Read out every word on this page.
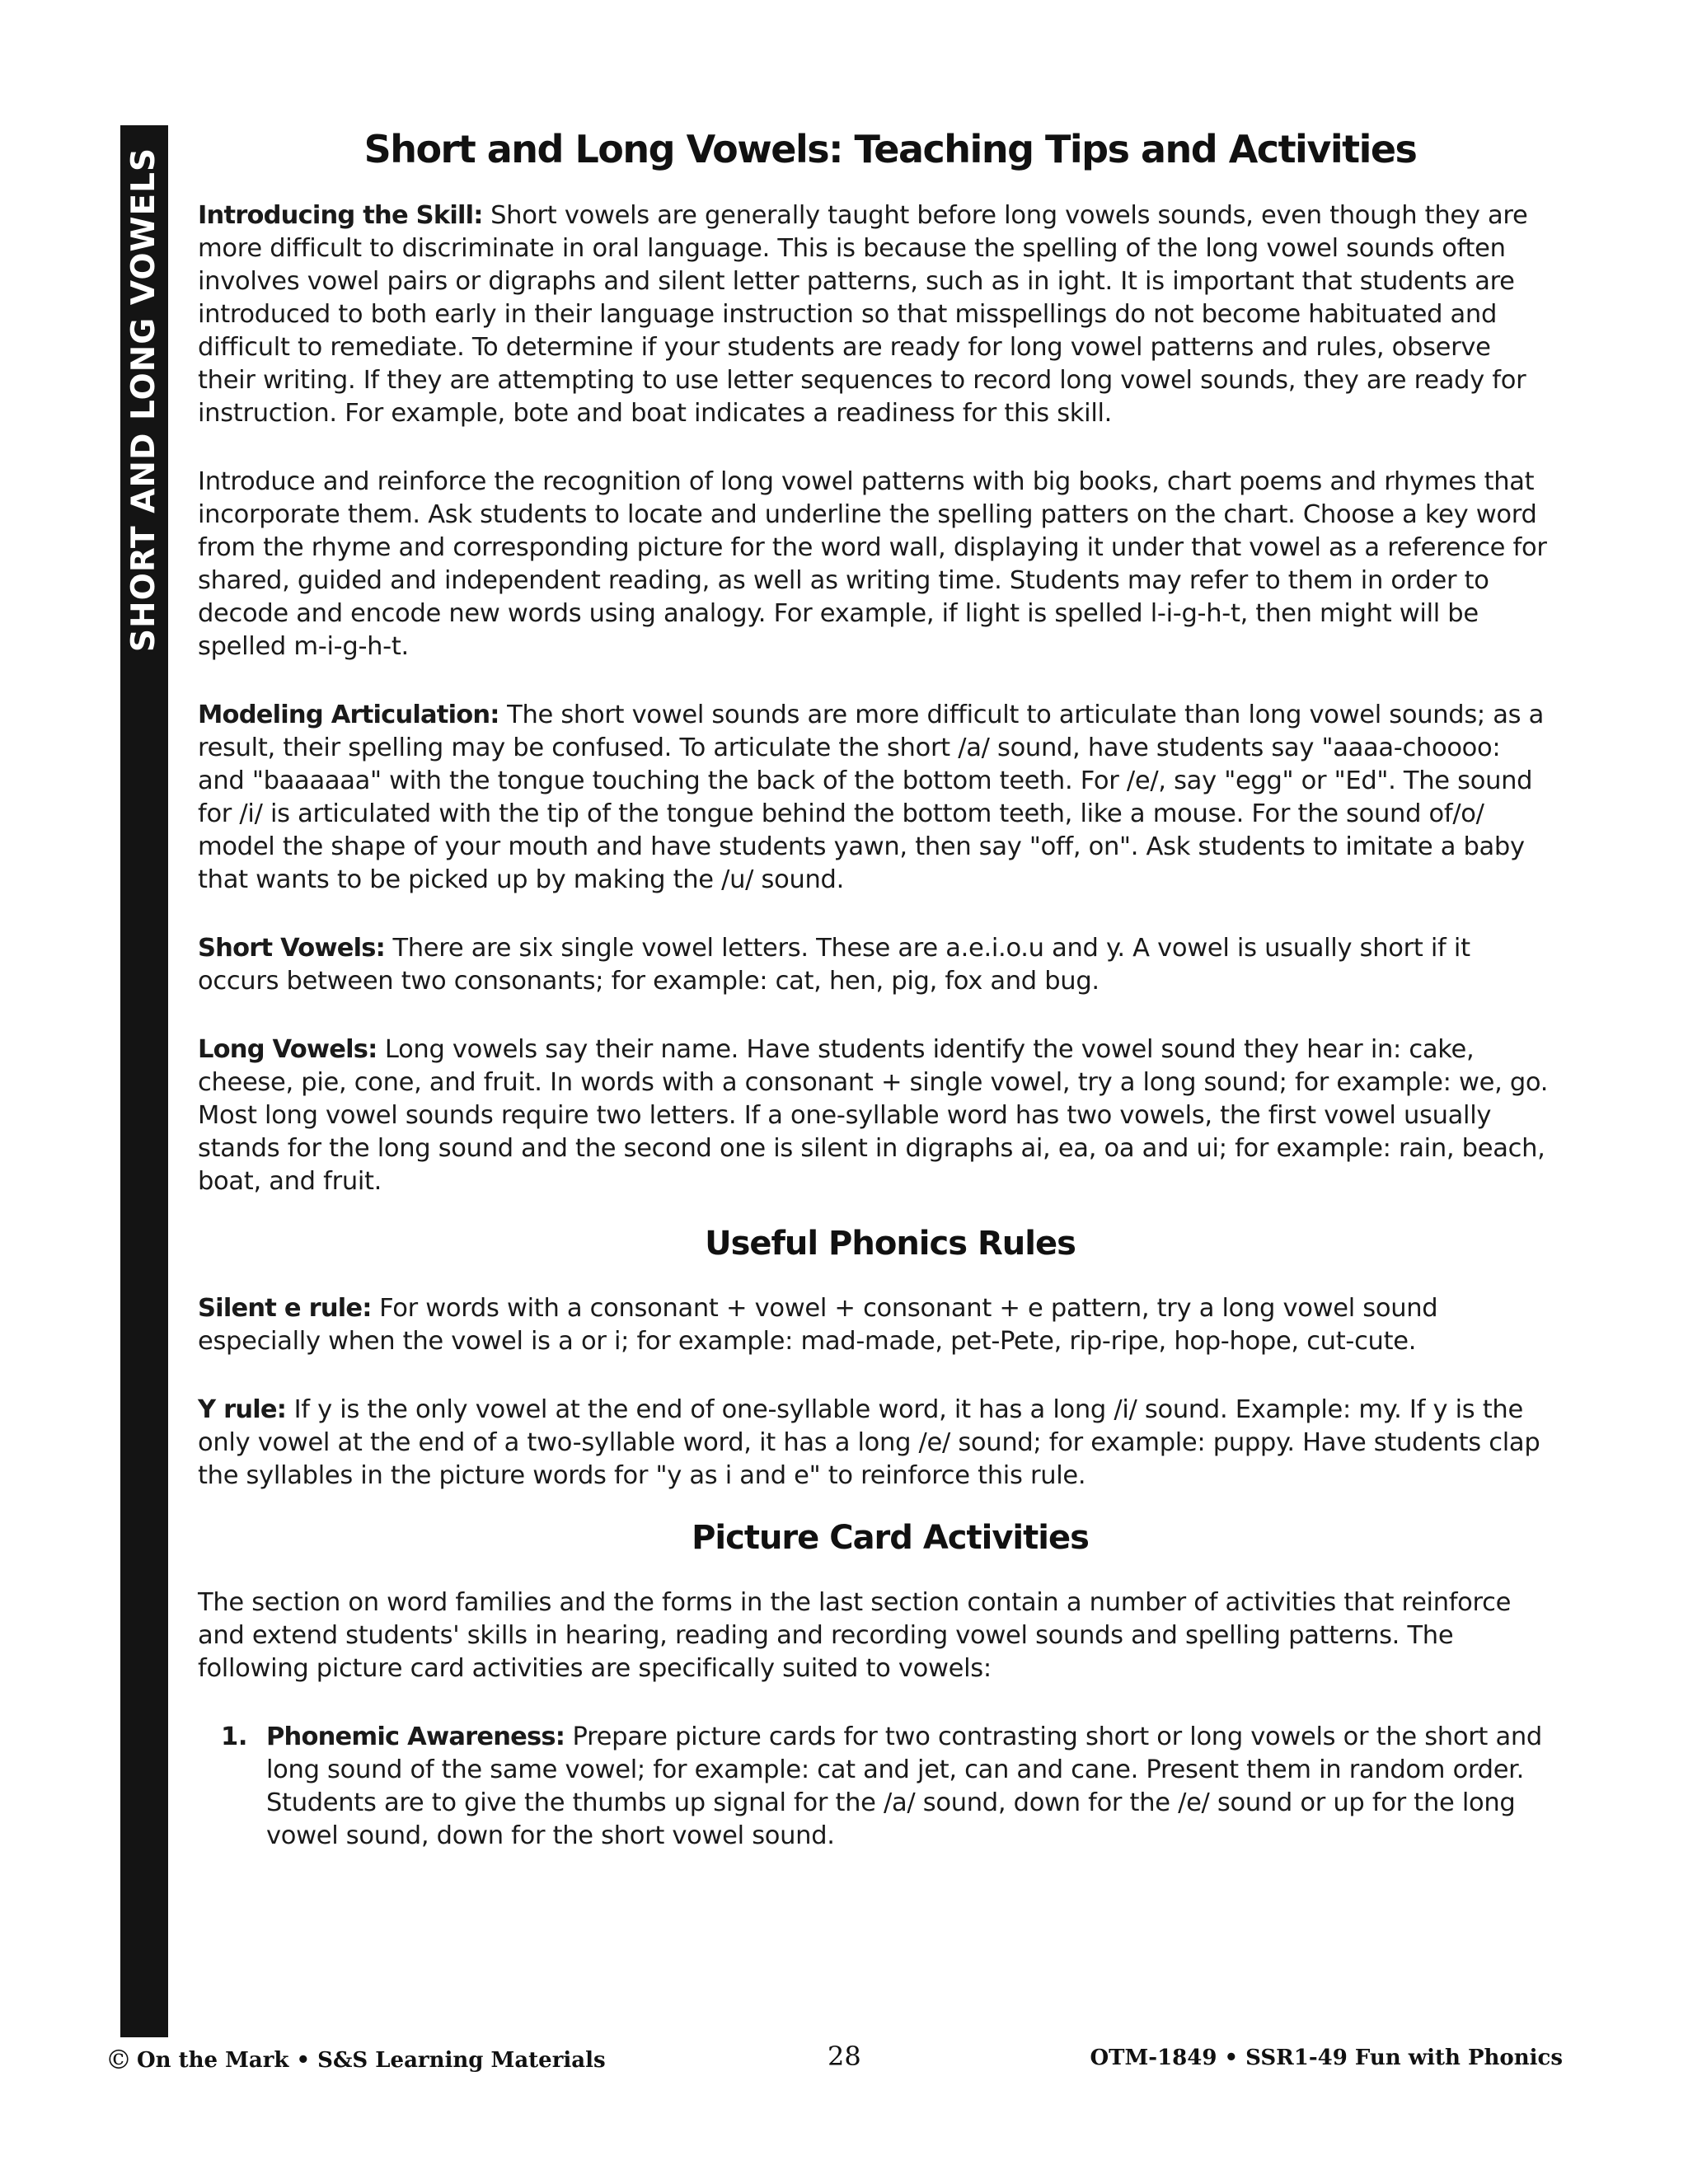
SHORT AND LONG VOWELS	Short and Long Vowels: Teaching Tips and Activities

Introducing the Skill: Short vowels are generally taught before long vowels sounds, even though they are more difficult to discriminate in oral language. This is because the spelling of the long vowel sounds often involves vowel pairs or digraphs and silent letter patterns, such as in ight. It is important that students are introduced to both early in their language instruction so that misspellings do not become habituated and difficult to remediate. To determine if your students are ready for long vowel patterns and rules, observe their writing. If they are attempting to use letter sequences to record long vowel sounds, they are ready for instruction. For example, bote and boat indicates a readiness for this skill.

Introduce and reinforce the recognition of long vowel patterns with big books, chart poems and rhymes that incorporate them. Ask students to locate and underline the spelling patters on the chart. Choose a key word from the rhyme and corresponding picture for the word wall, displaying it under that vowel as a reference for shared, guided and independent reading, as well as writing time. Students may refer to them in order to decode and encode new words using analogy. For example, if light is spelled l-i-g-h-t, then might will be spelled m-i-g-h-t.

Modeling Articulation: The short vowel sounds are more difficult to articulate than long vowel sounds; as a result, their spelling may be confused. To articulate the short /a/ sound, have students say "aaaa-choooo: and "baaaaaa" with the tongue touching the back of the bottom teeth. For /e/, say "egg" or "Ed". The sound for /i/ is articulated with the tip of the tongue behind the bottom teeth, like a mouse. For the sound of/o/ model the shape of your mouth and have students yawn, then say "off, on". Ask students to imitate a baby that wants to be picked up by making the /u/ sound.

Short Vowels: There are six single vowel letters. These are a.e.i.o.u and y. A vowel is usually short if it occurs between two consonants; for example: cat, hen, pig, fox and bug.

Long Vowels: Long vowels say their name. Have students identify the vowel sound they hear in: cake, cheese, pie, cone, and fruit. In words with a consonant + single vowel, try a long sound; for example: we, go. Most long vowel sounds require two letters. If a one-syllable word has two vowels, the first vowel usually stands for the long sound and the second one is silent in digraphs ai, ea, oa and ui; for example: rain, beach, boat, and fruit.

Useful Phonics Rules

Silent e rule: For words with a consonant + vowel + consonant + e pattern, try a long vowel sound especially when the vowel is a or i; for example: mad-made, pet-Pete, rip-ripe, hop-hope, cut-cute.

Y rule: If y is the only vowel at the end of one-syllable word, it has a long /i/ sound. Example: my. If y is the only vowel at the end of a two-syllable word, it has a long /e/ sound; for example: puppy. Have students clap the syllables in the picture words for "y as i and e" to reinforce this rule.

Picture Card Activities

The section on word families and the forms in the last section contain a number of activities that reinforce and extend students' skills in hearing, reading and recording vowel sounds and spelling patterns. The following picture card activities are specifically suited to vowels:

1. Phonemic Awareness: Prepare picture cards for two contrasting short or long vowels or the short and long sound of the same vowel; for example: cat and jet, can and cane. Present them in random order. Students are to give the thumbs up signal for the /a/ sound, down for the /e/ sound or up for the long vowel sound, down for the short vowel sound.
© On the Mark • S&S Learning Materials	28	OTM-1849 • SSR1-49 Fun with Phonics
